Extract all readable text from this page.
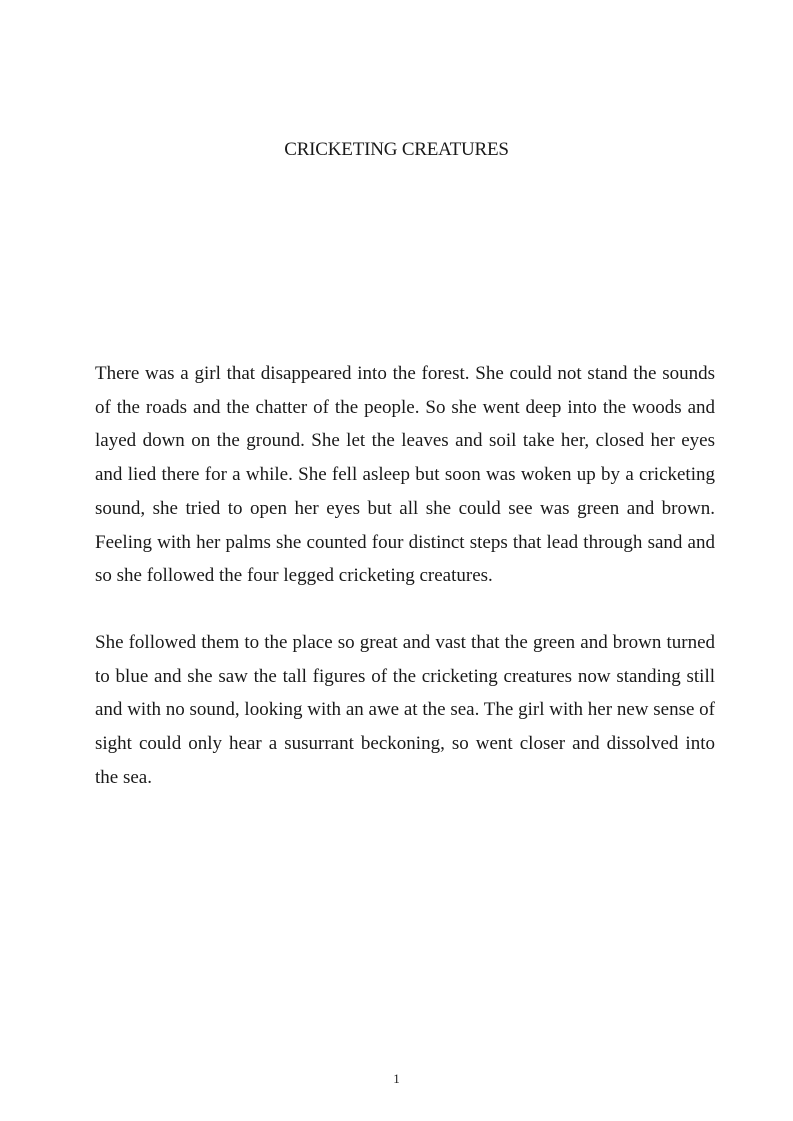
CRICKETING CREATURES

There was a girl that disappeared into the forest. She could not stand the sounds of the roads and the chatter of the people. So she went deep into the woods and layed down on the ground. She let the leaves and soil take her, closed her eyes and lied there for a while. She fell asleep but soon was woken up by a cricketing sound, she tried to open her eyes but all she could see was green and brown. Feeling with her palms she counted four distinct steps that lead through sand and so she followed the four legged cricketing creatures.

She followed them to the place so great and vast that the green and brown turned to blue and she saw the tall figures of the cricketing creatures now standing still and with no sound, looking with an awe at the sea. The girl with her new sense of sight could only hear a susurrant beckoning, so went closer and dissolved into the sea.

1
